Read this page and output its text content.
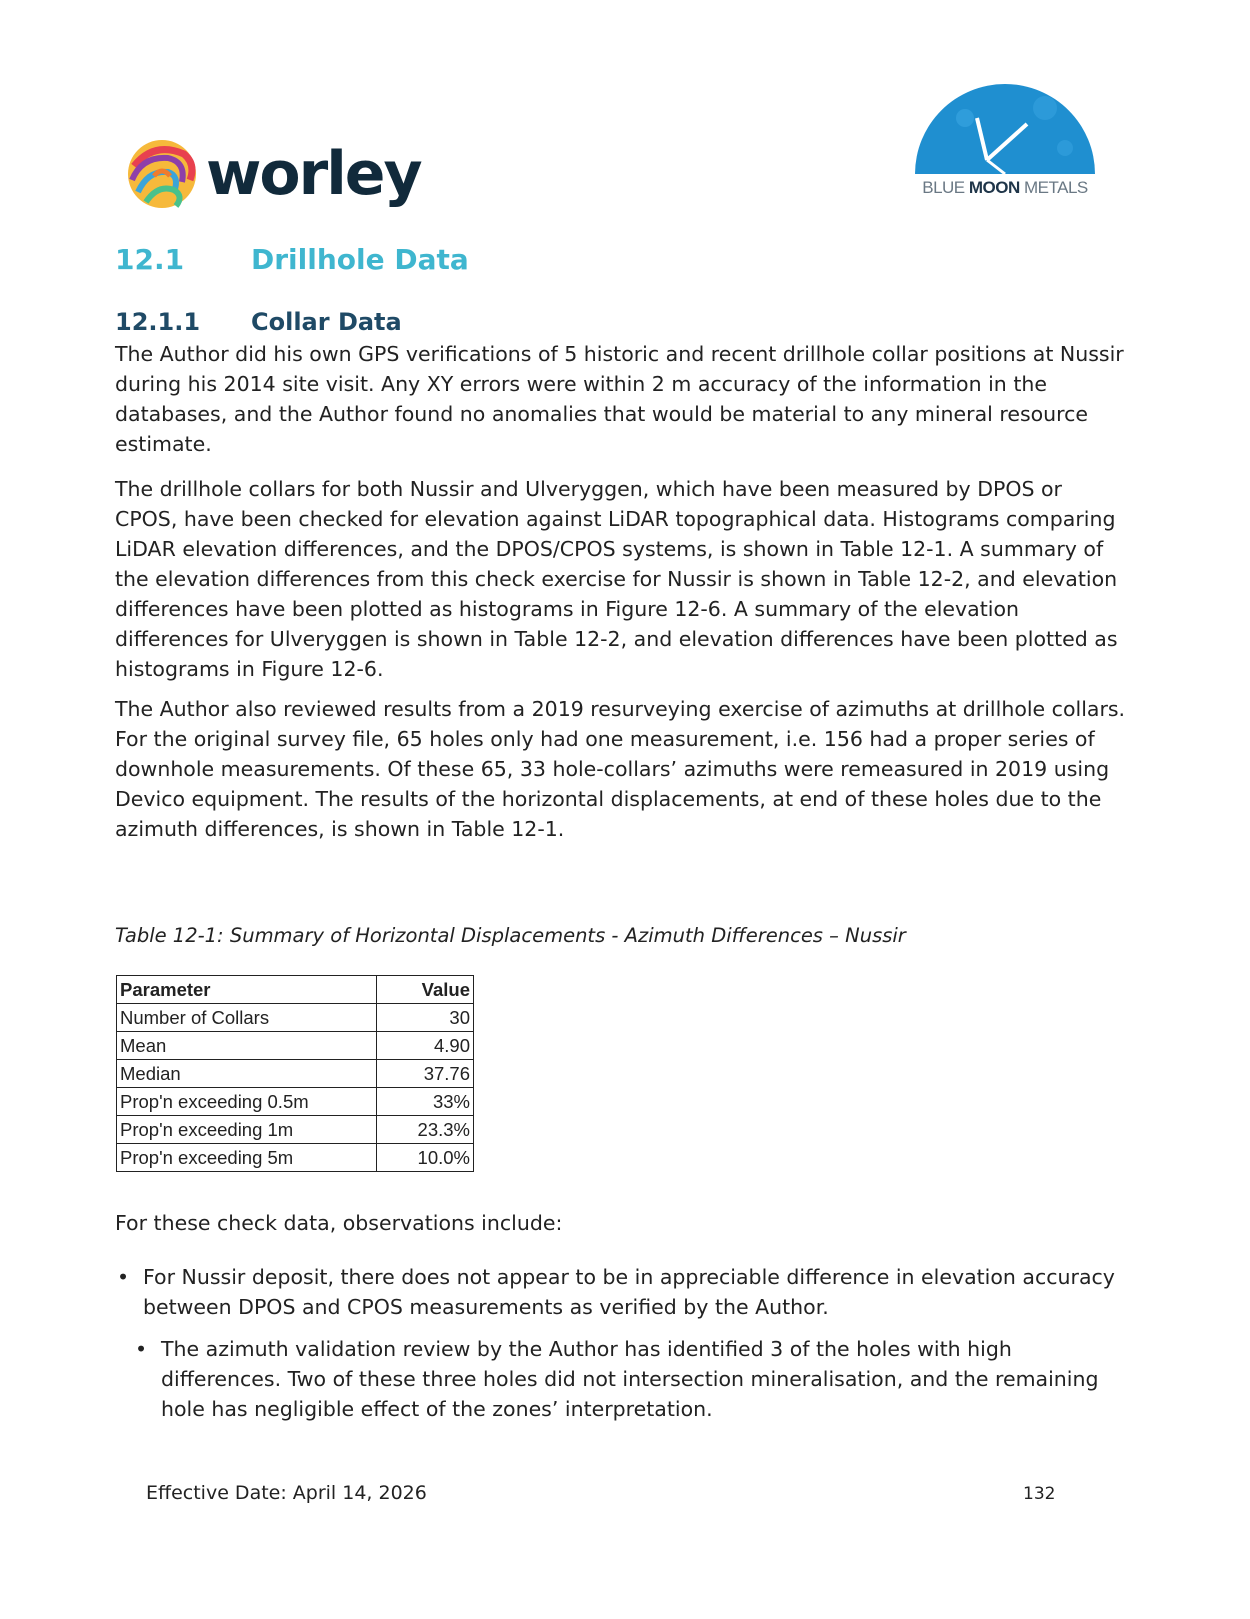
worley	BLUE MOON METALS
12.1 Drillhole Data
12.1.1 Collar Data

The Author did his own GPS verifications of 5 historic and recent drillhole collar positions at Nussir during his 2014 site visit. Any XY errors were within 2 m accuracy of the information in the databases, and the Author found no anomalies that would be material to any mineral resource estimate.

The drillhole collars for both Nussir and Ulveryggen, which have been measured by DPOS or CPOS, have been checked for elevation against LiDAR topographical data. Histograms comparing LiDAR elevation differences, and the DPOS/CPOS systems, is shown in Table 12-1. A summary of the elevation differences from this check exercise for Nussir is shown in Table 12-2, and elevation differences have been plotted as histograms in Figure 12-6. A summary of the elevation differences for Ulveryggen is shown in Table 12-2, and elevation differences have been plotted as histograms in Figure 12-6.

The Author also reviewed results from a 2019 resurveying exercise of azimuths at drillhole collars. For the original survey file, 65 holes only had one measurement, i.e. 156 had a proper series of downhole measurements. Of these 65, 33 hole-collars’ azimuths were remeasured in 2019 using Devico equipment. The results of the horizontal displacements, at end of these holes due to the azimuth differences, is shown in Table 12-1.

Table 12-1: Summary of Horizontal Displacements - Azimuth Differences – Nussir

Parameter	Value
Number of Collars	30
Mean	4.90
Median	37.76
Prop'n exceeding 0.5m	33%
Prop'n exceeding 1m	23.3%
Prop'n exceeding 5m	10.0%

For these check data, observations include:

• For Nussir deposit, there does not appear to be in appreciable difference in elevation accuracy between DPOS and CPOS measurements as verified by the Author.
• The azimuth validation review by the Author has identified 3 of the holes with high differences. Two of these three holes did not intersection mineralisation, and the remaining hole has negligible effect of the zones’ interpretation.
Effective Date: April 14, 2026	132
